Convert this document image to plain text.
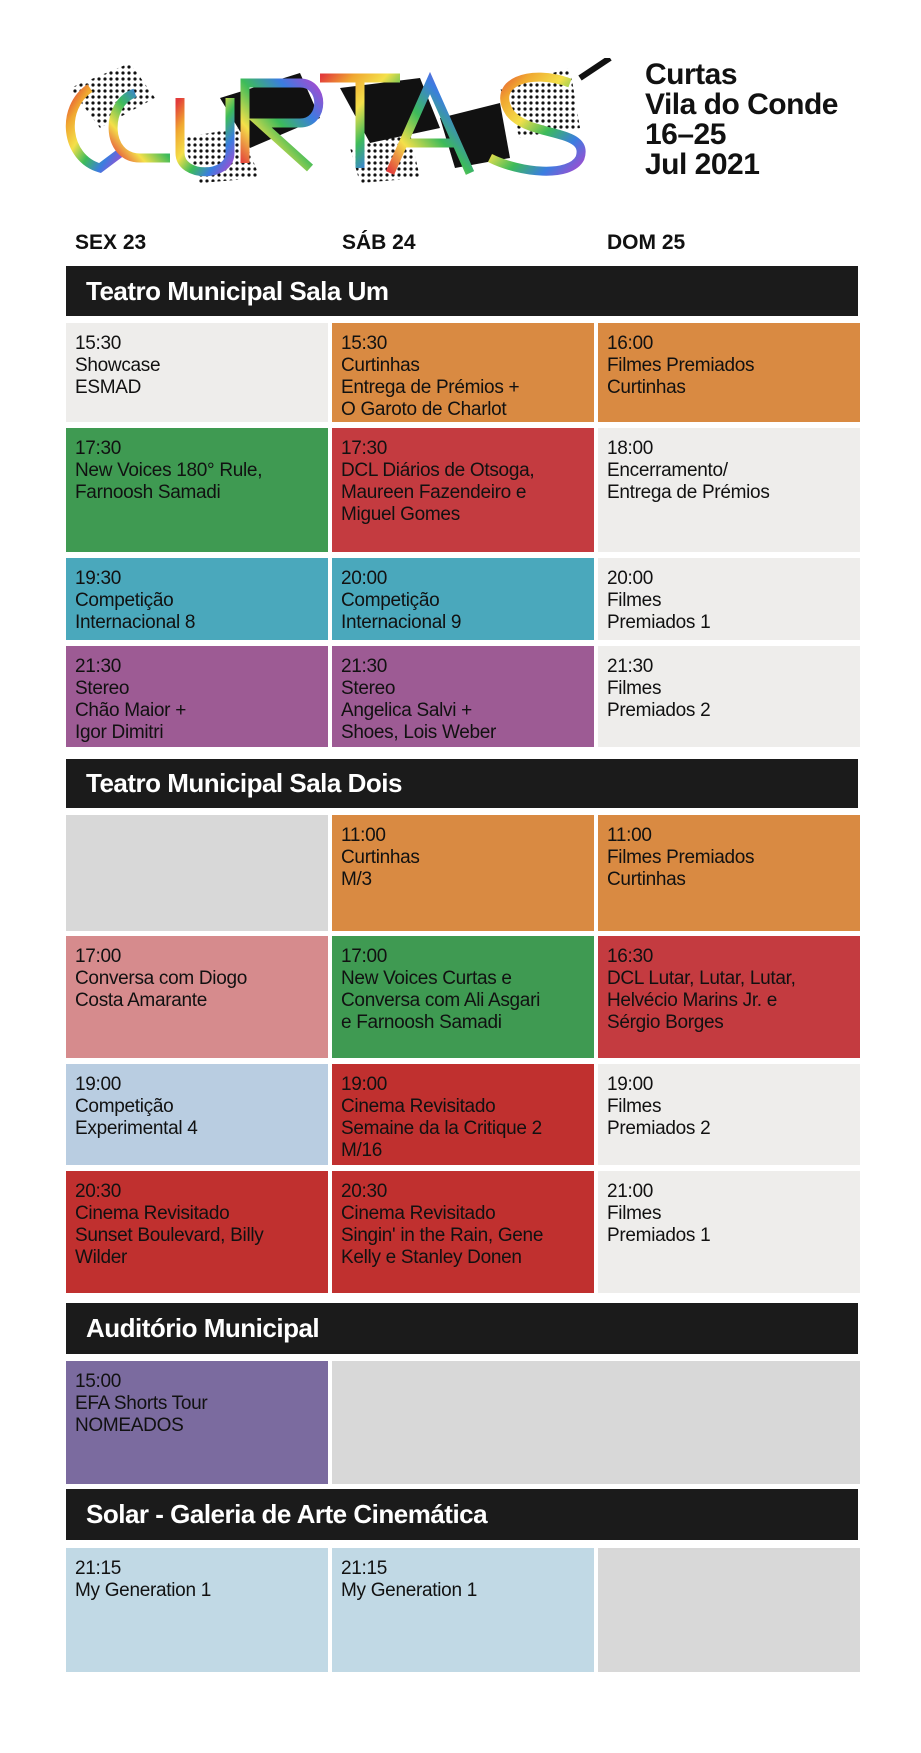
Curtas
Vila do Conde
16–25
Jul 2021
SEX 23	SÁB 24	DOM 25
Teatro Municipal Sala Um
15:30
Showcase
ESMAD
15:30
Curtinhas
Entrega de Prémios +
O Garoto de Charlot
16:00
Filmes Premiados
Curtinhas
17:30
New Voices 180° Rule,
Farnoosh Samadi
17:30
DCL Diários de Otsoga,
Maureen Fazendeiro e
Miguel Gomes
18:00
Encerramento/
Entrega de Prémios
19:30
Competição
Internacional 8
20:00
Competição
Internacional 9
20:00
Filmes
Premiados 1
21:30
Stereo
Chão Maior +
Igor Dimitri
21:30
Stereo
Angelica Salvi +
Shoes, Lois Weber
21:30
Filmes
Premiados 2
Teatro Municipal Sala Dois
11:00
Curtinhas
M/3
11:00
Filmes Premiados
Curtinhas
17:00
Conversa com Diogo
Costa Amarante
17:00
New Voices Curtas e
Conversa com Ali Asgari
e Farnoosh Samadi
16:30
DCL Lutar, Lutar, Lutar,
Helvécio Marins Jr. e
Sérgio Borges
19:00
Competição
Experimental 4
19:00
Cinema Revisitado
Semaine da la Critique 2
M/16
19:00
Filmes
Premiados 2
20:30
Cinema Revisitado
Sunset Boulevard, Billy
Wilder
20:30
Cinema Revisitado
Singin' in the Rain, Gene
Kelly e Stanley Donen
21:00
Filmes
Premiados 1
Auditório Municipal
15:00
EFA Shorts Tour
NOMEADOS
Solar - Galeria de Arte Cinemática
21:15
My Generation 1
21:15
My Generation 1
